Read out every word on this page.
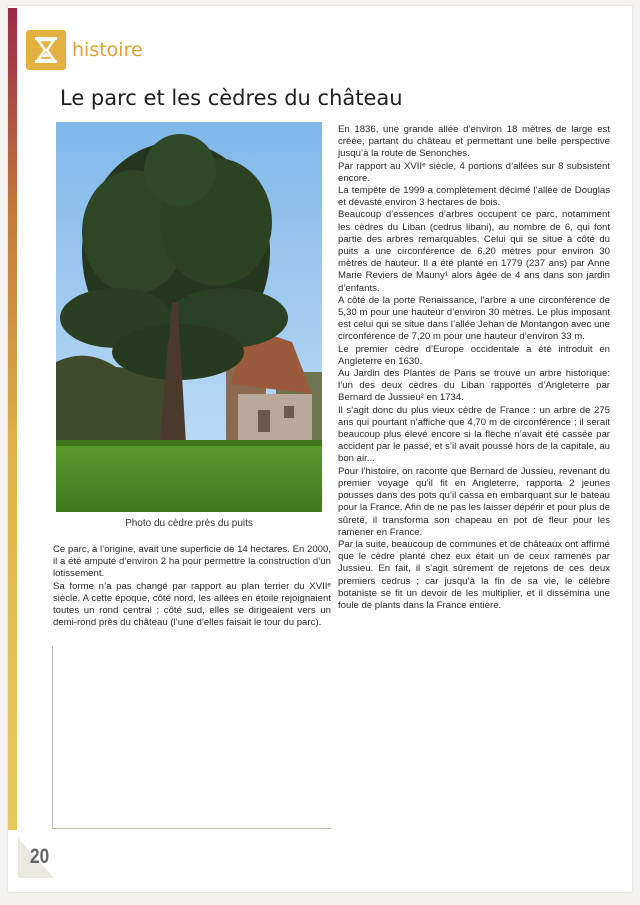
histoire
Le parc et les cèdres du château
Photo du cèdre près du puits

Ce parc, à l’origine, avait une superficie de 14 hectares. En 2000, il a été amputé d’environ 2 ha pour permettre la construction d’un lotissement.

Sa forme n’a pas changé par rapport au plan terrier du XVIIᵉ siècle. A cette époque, côté nord, les allées en étoile rejoignaient toutes un rond central ; côté sud, elles se dirigeaient vers un demi-rond près du château (l’une d’elles faisait le tour du parc).

En 1836, une grande allée d’environ 18 mètres de large est créée, partant du château et permettant une belle perspective jusqu’à la route de Senonches.

Par rapport au XVIIᵉ siècle, 4 portions d’allées sur 8 subsistent encore.

La tempête de 1999 a complètement décimé l’allée de Douglas et dévasté environ 3 hectares de bois.

Beaucoup d’essences d’arbres occupent ce parc, notamment les cèdres du Liban (cedrus libani), au nombre de 6, qui font partie des arbres remarquables. Celui qui se situe à côté du puits a une circonférence de 6,20 mètres pour environ 30 mètres de hauteur. Il a été planté en 1779 (237 ans) par Anne Marie Reviers de Mauny¹ alors âgée de 4 ans dans son jardin d’enfants.

A côté de la porte Renaissance, l’arbre a une circonférence de 5,30 m pour une hauteur d’environ 30 mètres. Le plus imposant est celui qui se situe dans l’allée Jehan de Montangon avec une circonférence de 7,20 m pour une hauteur d’environ 33 m.

Le premier cèdre d’Europe occidentale a été introduit en Angleterre en 1630.

Au Jardin des Plantes de Paris se trouve un arbre historique: l’un des deux cèdres du Liban rapportés d’Angleterre par Bernard de Jussieu² en 1734.

Il s’agit donc du plus vieux cèdre de France : un arbre de 275 ans qui pourtant n’affiche que 4,70 m de circonférence ; il serait beaucoup plus élevé encore si la flèche n’avait été cassée par accident par le passé, et s’il avait poussé hors de la capitale, au bon air...

Pour l’histoire, on raconte que Bernard de Jussieu, revenant du premier voyage qu’il fit en Angleterre, rapporta 2 jeunes pousses dans des pots qu’il cassa en embarquant sur le bateau pour la France. Afin de ne pas les laisser dépérir et pour plus de sûreté, il transforma son chapeau en pot de fleur pour les ramener en France.

Par la suite, beaucoup de communes et de châteaux ont affirmé que le cèdre planté chez eux était un de ceux ramenés par Jussieu. En fait, il s’agit sûrement de rejetons de ces deux premiers cedrus ; car jusqu’à la fin de sa vie, le célèbre botaniste se fit un devoir de les multiplier, et il dissémina une foule de plants dans la France entière.

20
